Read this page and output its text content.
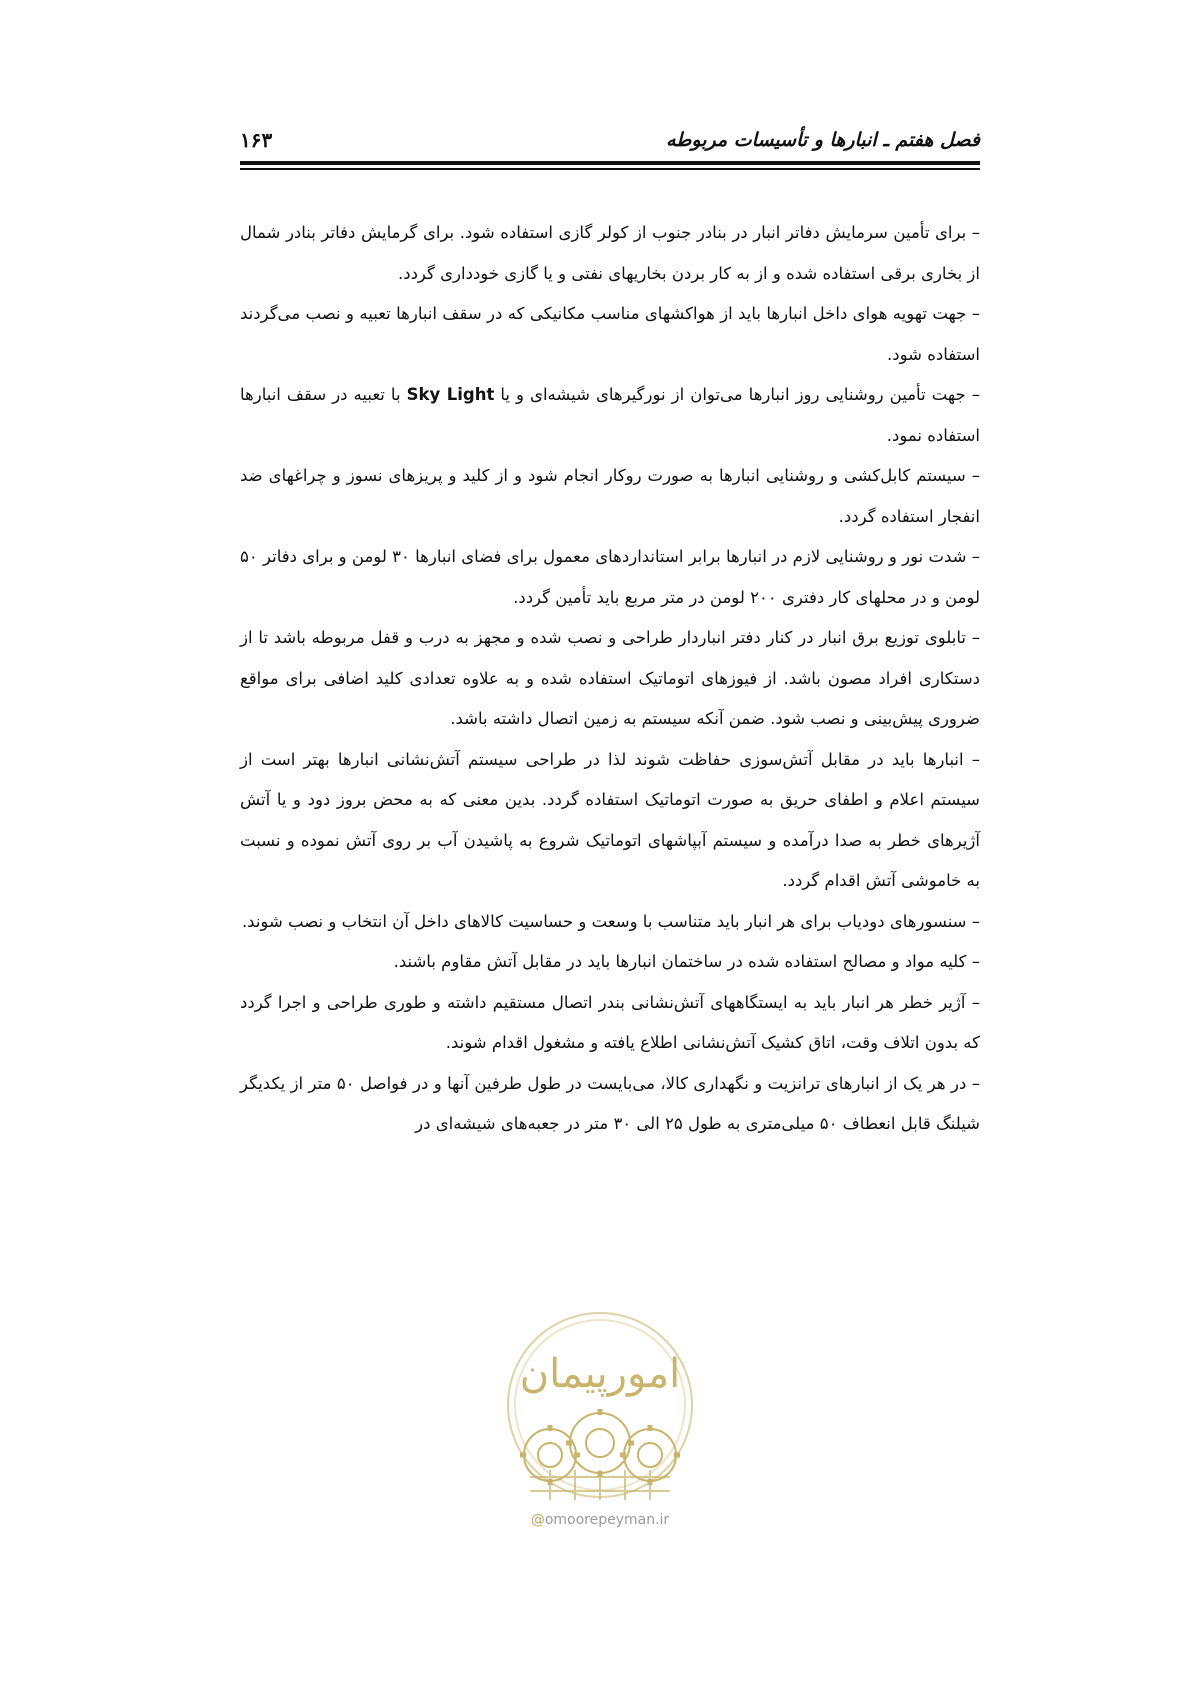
فصل هفتم ـ انبارها و تأسیسات مربوطه
۱۶۳

– برای تأمین سرمایش دفاتر انبار در بنادر جنوب از کولر گازی استفاده شود. برای گرمایش دفاتر بنادر شمال از بخاری برقی استفاده شده و از به کار بردن بخاریهای نفتی و یا گازی خودداری گردد.

– جهت تهویه هوای داخل انبارها باید از هواکشهای مناسب مکانیکی که در سقف انبارها تعبیه و نصب می‌گردند استفاده شود.

– جهت تأمین روشنایی روز انبارها می‌توان از نورگیرهای شیشه‌ای و یا Sky Light با تعبیه در سقف انبارها استفاده نمود.

– سیستم کابل‌کشی و روشنایی انبارها به صورت روکار انجام شود و از کلید و پریزهای نسوز و چراغهای ضد انفجار استفاده گردد.

– شدت نور و روشنایی لازم در انبارها برابر استانداردهای معمول برای فضای انبارها ۳۰ لومن و برای دفاتر ۵۰ لومن و در محلهای کار دفتری ۲۰۰ لومن در متر مربع باید تأمین گردد.

– تابلوی توزیع برق انبار در کنار دفتر انباردار طراحی و نصب شده و مجهز به درب و قفل مربوطه باشد تا از دستکاری افراد مصون باشد. از فیوزهای اتوماتیک استفاده شده و به علاوه تعدادی کلید اضافی برای مواقع ضروری پیش‌بینی و نصب شود. ضمن آنکه سیستم به زمین اتصال داشته باشد.

– انبارها باید در مقابل آتش‌سوزی حفاظت شوند لذا در طراحی سیستم آتش‌نشانی انبارها بهتر است از سیستم اعلام و اطفای حریق به صورت اتوماتیک استفاده گردد. بدین معنی که به محض بروز دود و یا آتش آژیرهای خطر به صدا درآمده و سیستم آبپاشهای اتوماتیک شروع به پاشیدن آب بر روی آتش نموده و نسبت به خاموشی آتش اقدام گردد.

– سنسورهای دودیاب برای هر انبار باید متناسب با وسعت و حساسیت کالاهای داخل آن انتخاب و نصب شوند.

– کلیه مواد و مصالح استفاده شده در ساختمان انبارها باید در مقابل آتش مقاوم باشند.

– آژیر خطر هر انبار باید به ایستگاههای آتش‌نشانی بندر اتصال مستقیم داشته و طوری طراحی و اجرا گردد که بدون اتلاف وقت، اتاق کشیک آتش‌نشانی اطلاع یافته و مشغول اقدام شوند.

– در هر یک از انبارهای ترانزیت و نگهداری کالا، می‌بایست در طول طرفین آنها و در فواصل ۵۰ متر از یکدیگر شیلنگ قابل انعطاف ۵۰ میلی‌متری به طول ۲۵ الی ۳۰ متر در جعبه‌های شیشه‌ای در

امورپیمان
@omoorepeyman.ir
